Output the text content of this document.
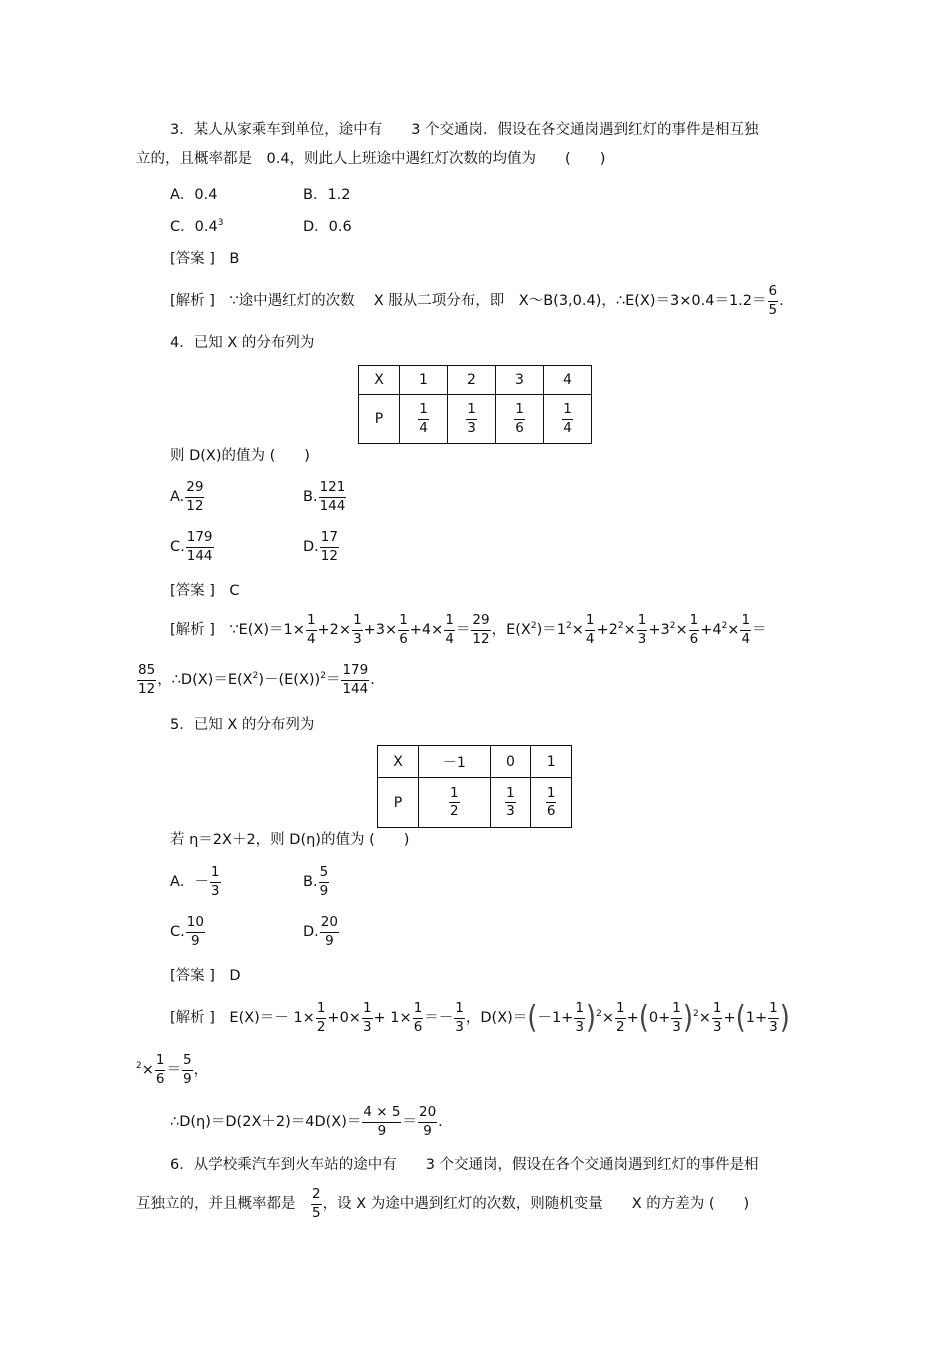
3．某人从家乘车到单位，途中有　　3 个交通岗．假设在各交通岗遇到红灯的事件是相互独
立的，且概率都是　0.4，则此人上班途中遇红灯次数的均值为　　(　　)
A．0.4	B．1.2
C．$0.4^3$	D．0.6
[答案 ]　B
[解析 ]　∵途中遇红灯的次数　 X 服从二项分布，即　X～B(3,0.4)，∴E(X)＝3×0.4＝1.2＝ $\frac{6}{5}$ .
4．已知 X 的分布列为
X	1	2	3	4
P	$\frac{1}{4}$	$\frac{1}{3}$	$\frac{1}{6}$	$\frac{1}{4}$
则 D(X)的值为 (　　)
A. $\frac{29}{12}$	B. $\frac{121}{144}$
C. $\frac{179}{144}$	D. $\frac{17}{12}$
[答案 ]　C
[解析 ]　∵E(X)＝1× $\frac{1}{4} +2\times \frac{1}{3} +3\times \frac{1}{6} +4\times \frac{1}{4} = \frac{29}{12}$ ，$E(X^2)=1^2\times \frac{1}{4} +2^2\times \frac{1}{3} +3^2\times \frac{1}{6} +4^2\times \frac{1}{4}$ ＝
$\frac{85}{12}$ ，$\therefore D(X)=E(X^2)-(E(X))^2= \frac{179}{144}$ .
5．已知 X 的分布列为
X	－1	0	1
P	$\frac{1}{2}$	$\frac{1}{3}$	$\frac{1}{6}$
若 η＝2X＋2，则 D(η)的值为 (　　)
A．－ $\frac{1}{3}$	B. $\frac{5}{9}$
C. $\frac{10}{9}$	D. $\frac{20}{9}$
[答案 ]　D
[解析 ]　$E(X)=- 1\times \frac{1}{2} +0\times \frac{1}{3} + 1\times \frac{1}{6} =- \frac{1}{3}$ ，$D(X)=(-1+ \frac{1}{3} )^2\times \frac{1}{2} +(0+ \frac{1}{3} )^2\times \frac{1}{3} +(1+ \frac{1}{3}$ )
$^2\times \frac{1}{6} = \frac{5}{9}$ ，
∴D(η)＝D(2X＋2)＝4D(X)＝ $\frac{4 \times 5}{9} = \frac{20}{9}$ .
6．从学校乘汽车到火车站的途中有　　3 个交通岗，假设在各个交通岗遇到红灯的事件是相
互独立的，并且概率都是　 $\frac{2}{5}$ ，设 X 为途中遇到红灯的次数，则随机变量　　X 的方差为 (　　)
